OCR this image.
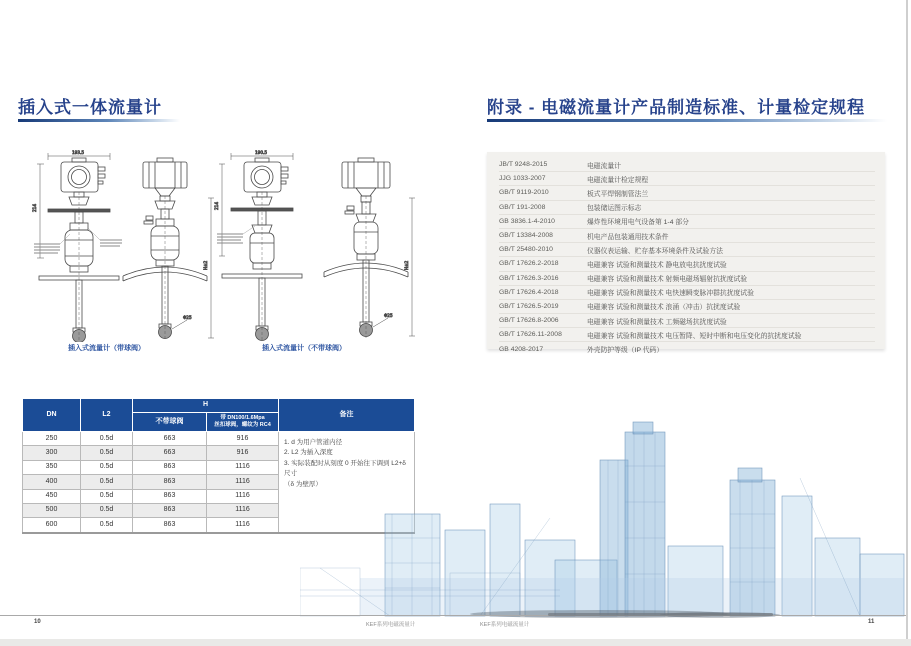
插入式一体流量计
193.5
214
H±2
Φ25
190.5
214
H±2
Φ25
插入式流量计（带球阀）	插入式流量计（不带球阀）
DN	L2	H		备注
		不带球阀	带 DN100/1.6Mpa
丝扣球阀，螺纹为 RC4	

250	0.5d	663	916	1. d 为用户管道内径
2. L2 为插入深度
3. 实际装配时从刻度 0 开始往下调到 L2+δ 尺寸
（δ 为壁厚）

300	0.5d	663	916	
350	0.5d	863	1116	
400	0.5d	863	1116	
450	0.5d	863	1116	
500	0.5d	863	1116	
600	0.5d	863	1116	
附录 - 电磁流量计产品制造标准、计量检定规程
JB/T 9248-2015	电磁流量计
JJG 1033-2007	电磁流量计检定规程
GB/T 9119-2010	板式平焊钢制管法兰
GB/T 191-2008	包装储运图示标志
GB 3836.1-4-2010	爆炸性环境用电气设备第 1-4 部分
GB/T 13384-2008	机电产品包装通用技术条件
GB/T 25480-2010	仪器仪表运输、贮存基本环境条件及试验方法
GB/T 17626.2-2018	电磁兼容 试验和测量技术 静电放电抗扰度试验
GB/T 17626.3-2016	电磁兼容 试验和测量技术 射频电磁场辐射抗扰度试验
GB/T 17626.4-2018	电磁兼容 试验和测量技术 电快速瞬变脉冲群抗扰度试验
GB/T 17626.5-2019	电磁兼容 试验和测量技术 浪涌（冲击）抗扰度试验
GB/T 17626.8-2006	电磁兼容 试验和测量技术 工频磁场抗扰度试验
GB/T 17626.11-2008	电磁兼容 试验和测量技术 电压暂降、短时中断和电压变化的抗扰度试验
GB 4208-2017	外壳防护等级（IP 代码）
10	KEF系列电磁流量计	KEF系列电磁流量计	11
